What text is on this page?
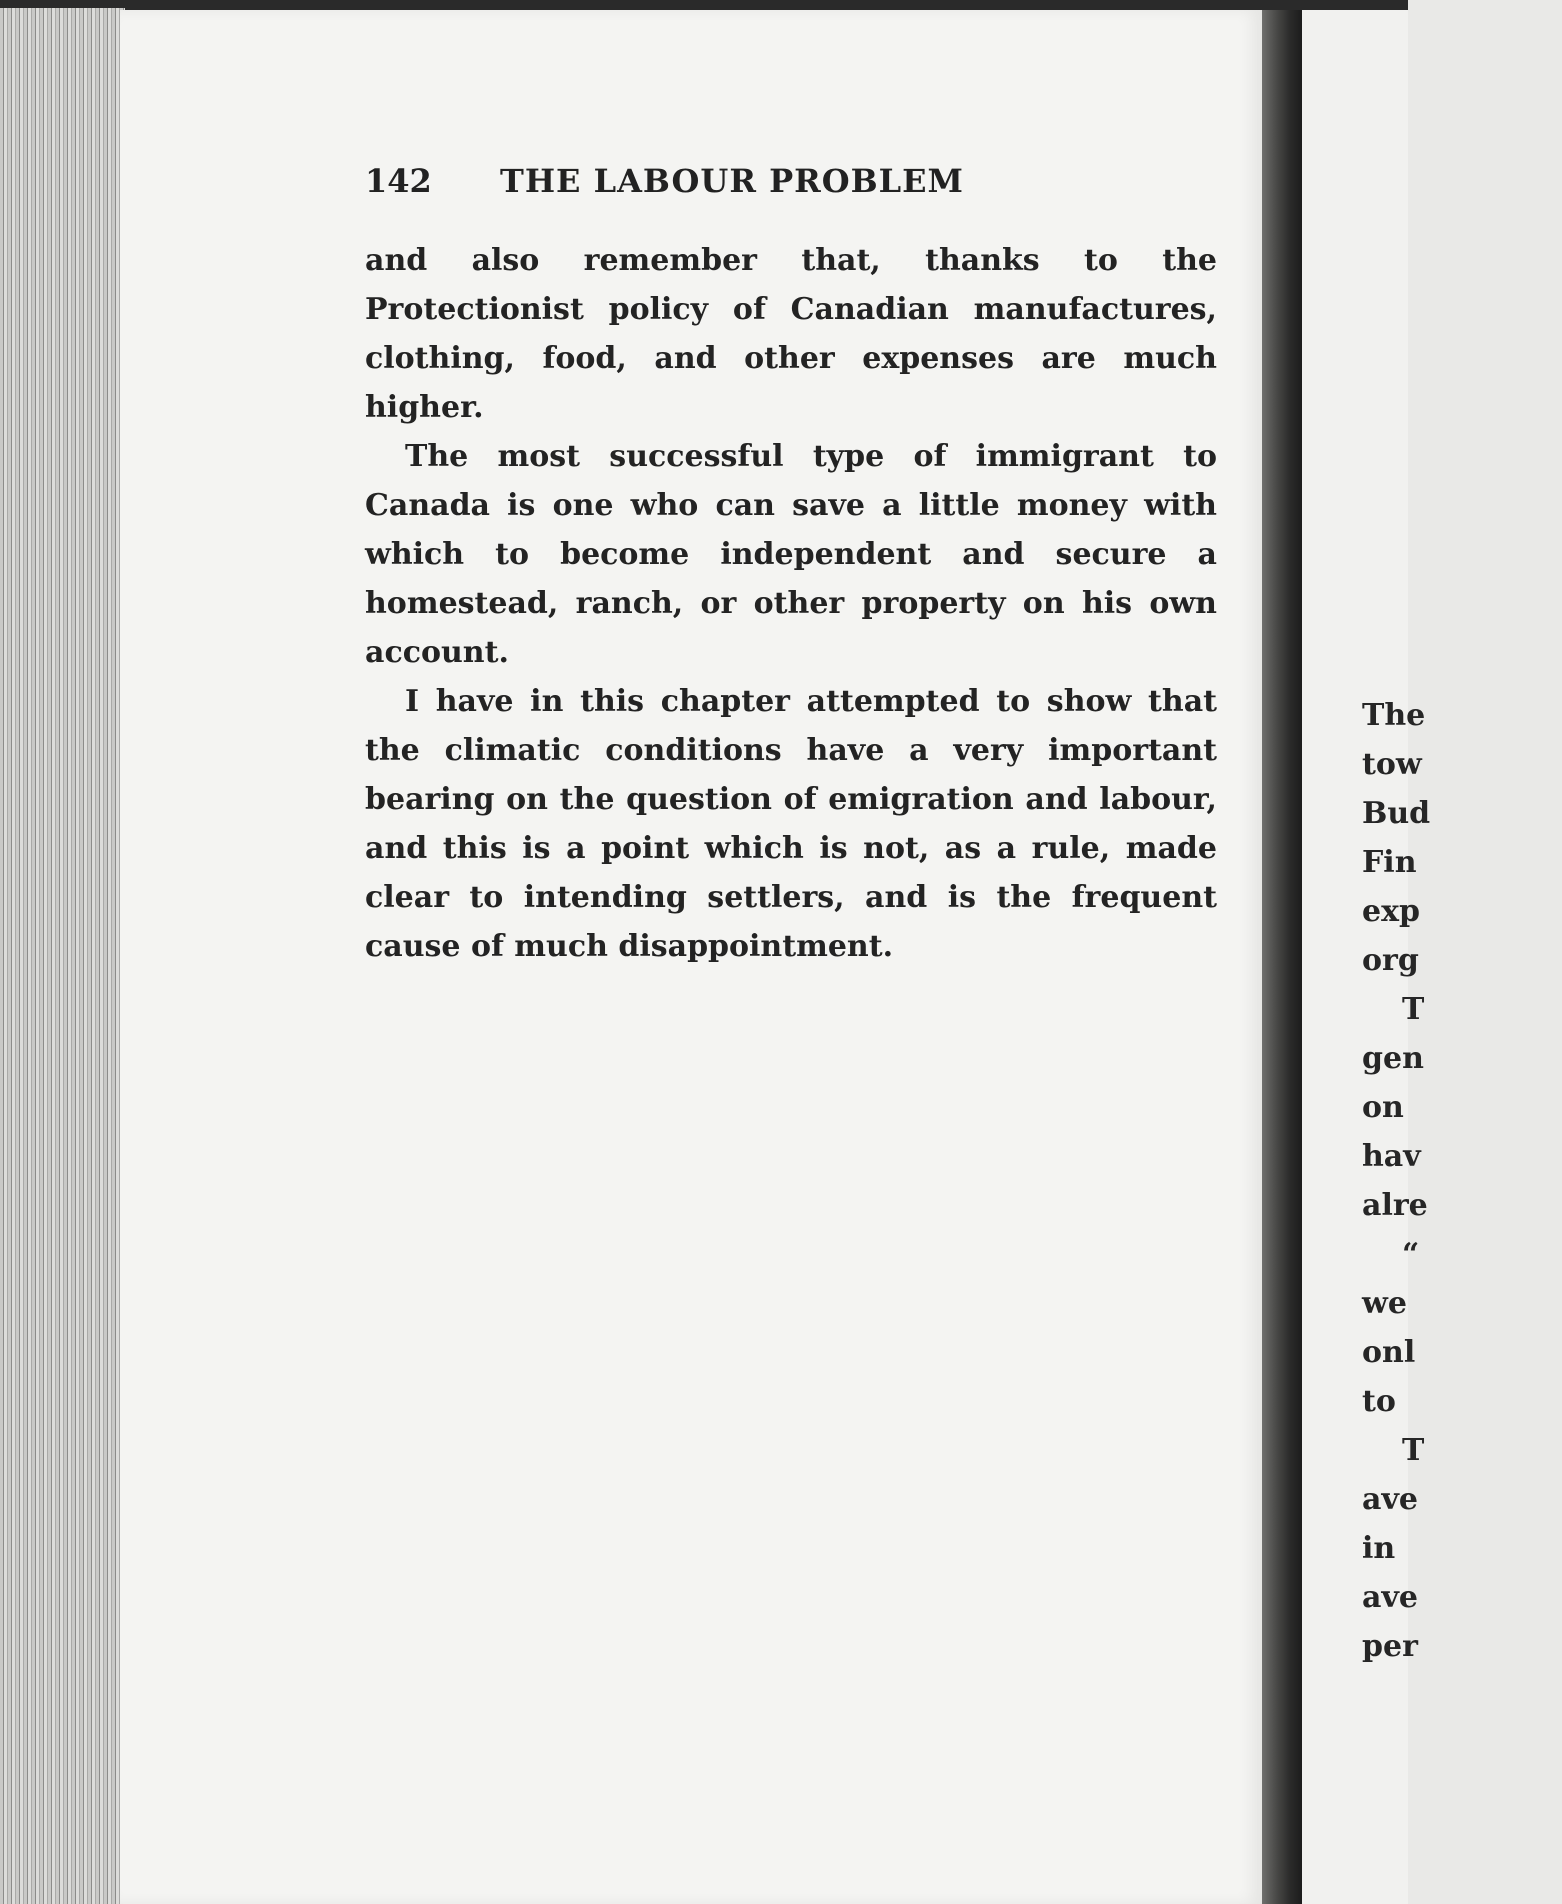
142 THE LABOUR PROBLEM

and also remember that, thanks to the Protectionist policy of Canadian manufactures, clothing, food, and other expenses are much higher.

The most successful type of immigrant to Canada is one who can save a little money with which to become independent and secure a homestead, ranch, or other property on his own account.

I have in this chapter attempted to show that the climatic conditions have a very important bearing on the question of emigration and labour, and this is a point which is not, as a rule, made clear to intending settlers, and is the frequent cause of much disappointment.

The
tow
Bud
Fin
exp
org
T
gen
on
hav
alre
“
we
onl
to
T
ave
in
ave
per
